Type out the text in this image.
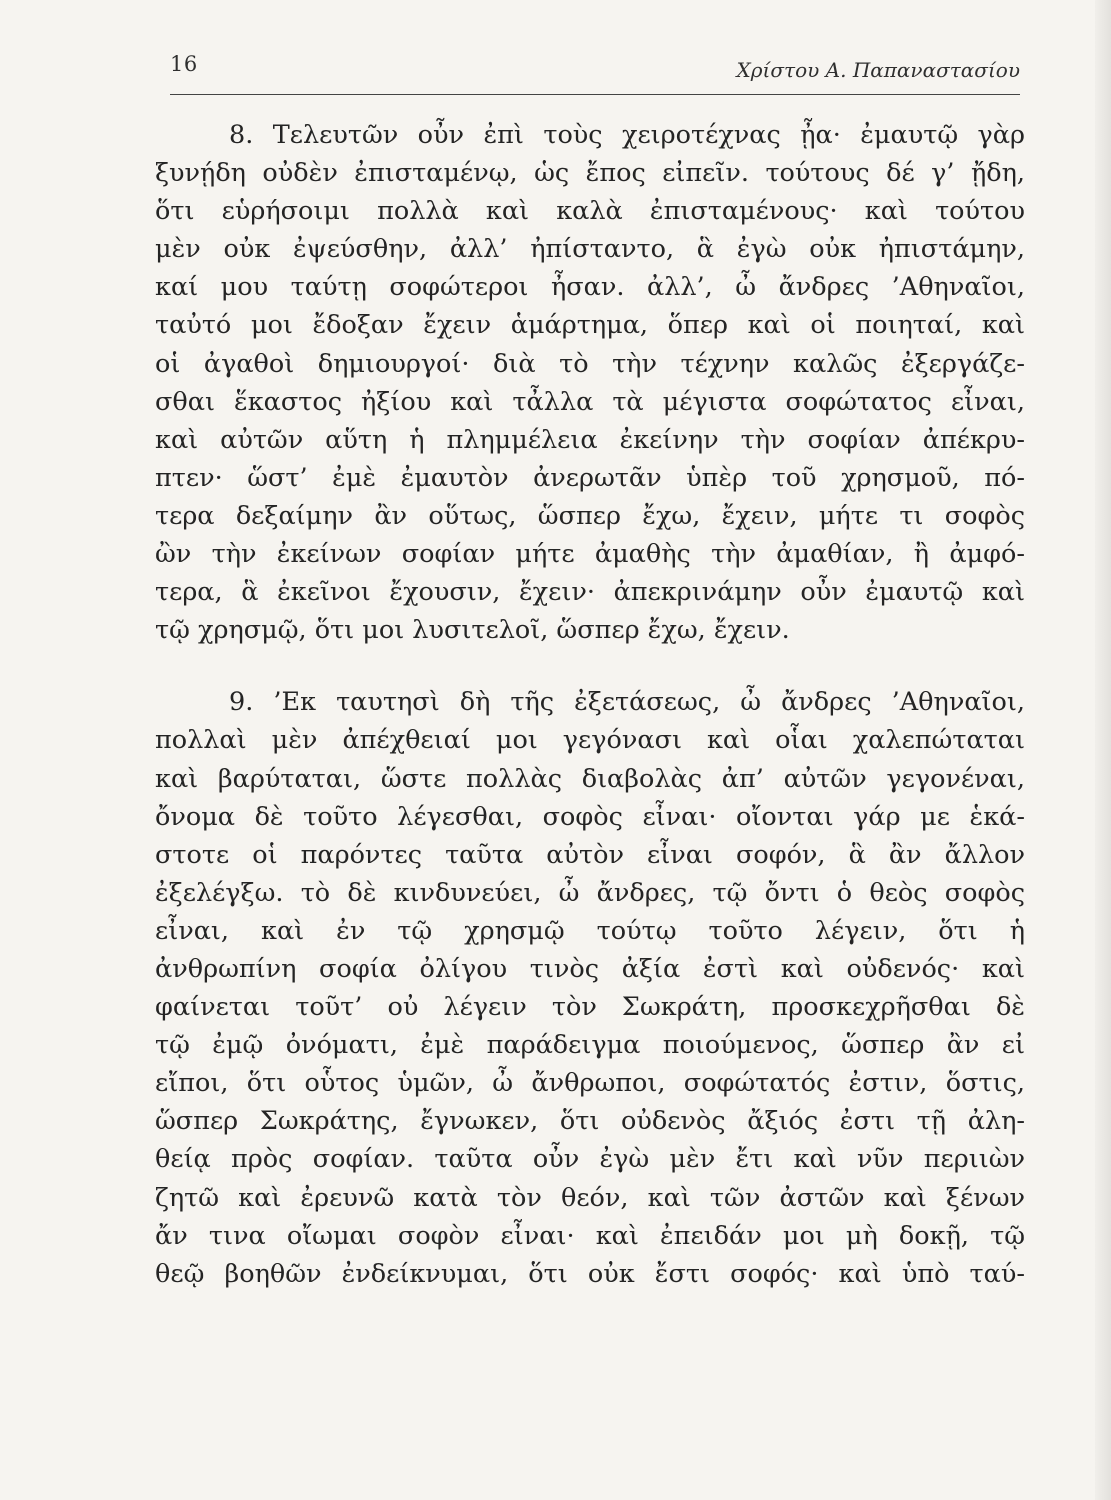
16	Χρίστου Α. Παπαναστασίου
8. Τελευτῶν οὖν ἐπὶ τοὺς χειροτέχνας ᾖα· ἐμαυτῷ γὰρ
ξυνῄδη οὐδὲν ἐπισταμένῳ, ὡς ἔπος εἰπεῖν. τούτους δέ γ’ ᾔδη,
ὅτι εὑρήσοιμι πολλὰ καὶ καλὰ ἐπισταμένους· καὶ τούτου
μὲν οὐκ ἐψεύσθην, ἀλλ’ ἠπίσταντο, ἃ ἐγὼ οὐκ ἠπιστάμην,
καί μου ταύτῃ σοφώτεροι ἦσαν. ἀλλ’, ὦ ἄνδρες ’Αθηναῖοι,
ταὐτό μοι ἔδοξαν ἔχειν ἁμάρτημα, ὅπερ καὶ οἱ ποιηταί, καὶ
οἱ ἀγαθοὶ δημιουργοί· διὰ τὸ τὴν τέχνην καλῶς ἐξεργάζε-
σθαι ἕκαστος ἠξίου καὶ τἆλλα τὰ μέγιστα σοφώτατος εἶναι,
καὶ αὐτῶν αὕτη ἡ πλημμέλεια ἐκείνην τὴν σοφίαν ἀπέκρυ-
πτεν· ὥστ’ ἐμὲ ἐμαυτὸν ἀνερωτᾶν ὑπὲρ τοῦ χρησμοῦ, πό-
τερα δεξαίμην ἂν οὕτως, ὥσπερ ἔχω, ἔχειν, μήτε τι σοφὸς
ὢν τὴν ἐκείνων σοφίαν μήτε ἀμαθὴς τὴν ἀμαθίαν, ἢ ἀμφό-
τερα, ἃ ἐκεῖνοι ἔχουσιν, ἔχειν· ἀπεκρινάμην οὖν ἐμαυτῷ καὶ
τῷ χρησμῷ, ὅτι μοι λυσιτελοῖ, ὥσπερ ἔχω, ἔχειν.
9. ’Εκ ταυτησὶ δὴ τῆς ἐξετάσεως, ὦ ἄνδρες ’Αθηναῖοι,
πολλαὶ μὲν ἀπέχθειαί μοι γεγόνασι καὶ οἷαι χαλεπώταται
καὶ βαρύταται, ὥστε πολλὰς διαβολὰς ἀπ’ αὐτῶν γεγονέναι,
ὄνομα δὲ τοῦτο λέγεσθαι, σοφὸς εἶναι· οἴονται γάρ με ἑκά-
στοτε οἱ παρόντες ταῦτα αὐτὸν εἶναι σοφόν, ἃ ἂν ἄλλον
ἐξελέγξω. τὸ δὲ κινδυνεύει, ὦ ἄνδρες, τῷ ὄντι ὁ θεὸς σοφὸς
εἶναι, καὶ ἐν τῷ χρησμῷ τούτῳ τοῦτο λέγειν, ὅτι ἡ
ἀνθρωπίνη σοφία ὀλίγου τινὸς ἀξία ἐστὶ καὶ οὐδενός· καὶ
φαίνεται τοῦτ’ οὐ λέγειν τὸν Σωκράτη, προσκεχρῆσθαι δὲ
τῷ ἐμῷ ὀνόματι, ἐμὲ παράδειγμα ποιούμενος, ὥσπερ ἂν εἰ
εἴποι, ὅτι οὗτος ὑμῶν, ὦ ἄνθρωποι, σοφώτατός ἐστιν, ὅστις,
ὥσπερ Σωκράτης, ἔγνωκεν, ὅτι οὐδενὸς ἄξιός ἐστι τῇ ἀλη-
θείᾳ πρὸς σοφίαν. ταῦτα οὖν ἐγὼ μὲν ἔτι καὶ νῦν περιιὼν
ζητῶ καὶ ἐρευνῶ κατὰ τὸν θεόν, καὶ τῶν ἀστῶν καὶ ξένων
ἄν τινα οἴωμαι σοφὸν εἶναι· καὶ ἐπειδάν μοι μὴ δοκῇ, τῷ
θεῷ βοηθῶν ἐνδείκνυμαι, ὅτι οὐκ ἔστι σοφός· καὶ ὑπὸ ταύ-
